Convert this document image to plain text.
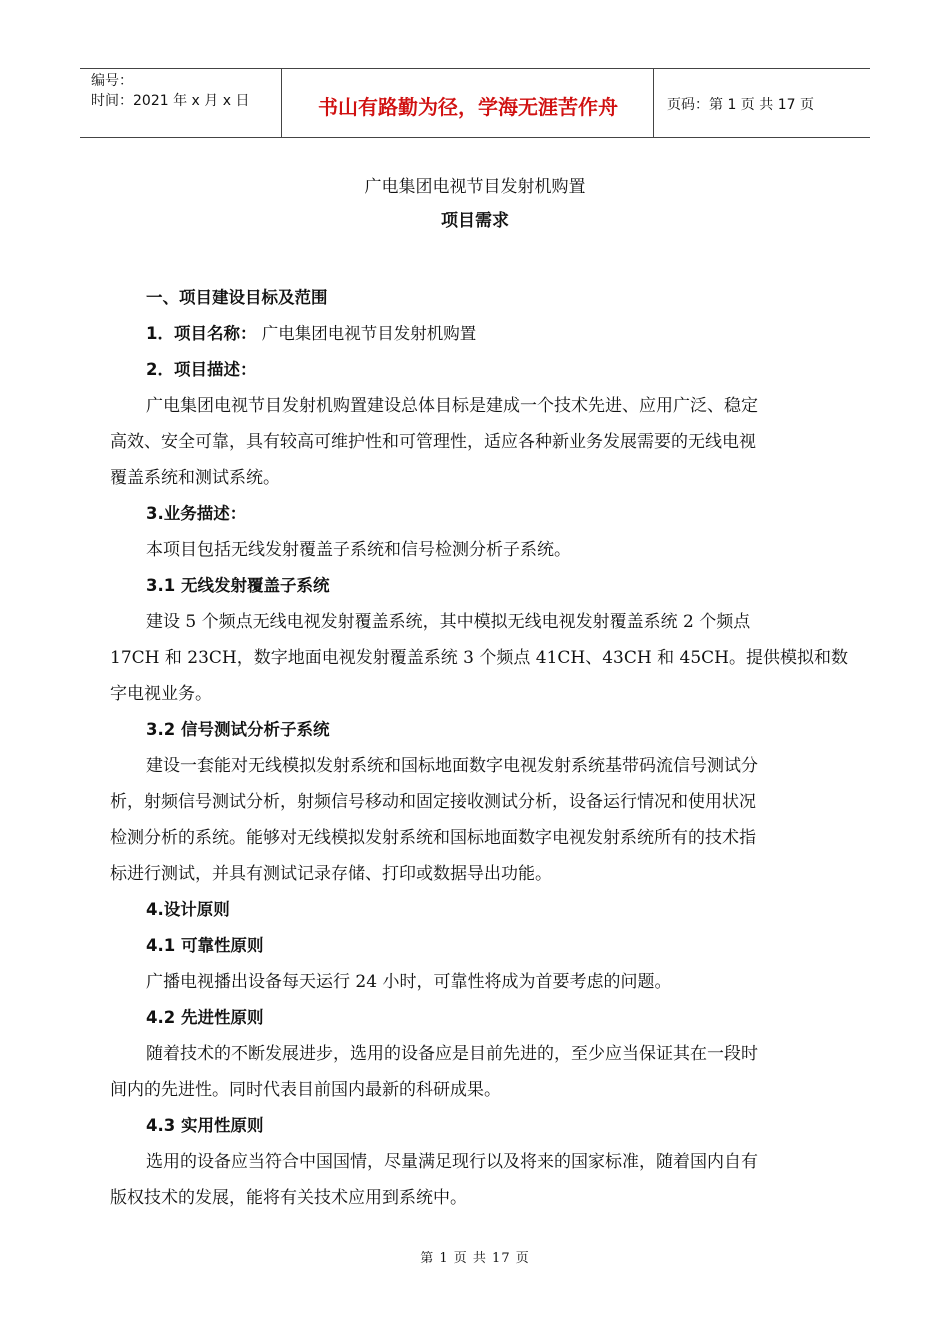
编号：
时间：2021 年 x 月 x 日	书山有路勤为径，学海无涯苦作舟	页码：第 1 页 共 17 页
广电集团电视节目发射机购置
项目需求
一、项目建设目标及范围
1．项目名称： 广电集团电视节目发射机购置
2．项目描述：
广电集团电视节目发射机购置建设总体目标是建成一个技术先进、应用广泛、稳定
高效、安全可靠，具有较高可维护性和可管理性，适应各种新业务发展需要的无线电视
覆盖系统和测试系统。
3.业务描述：
本项目包括无线发射覆盖子系统和信号检测分析子系统。
3.1 无线发射覆盖子系统
建设 5 个频点无线电视发射覆盖系统，其中模拟无线电视发射覆盖系统 2 个频点
17CH 和 23CH，数字地面电视发射覆盖系统 3 个频点 41CH、43CH 和 45CH。提供模拟和数
字电视业务。
3.2 信号测试分析子系统
建设一套能对无线模拟发射系统和国标地面数字电视发射系统基带码流信号测试分
析，射频信号测试分析，射频信号移动和固定接收测试分析，设备运行情况和使用状况
检测分析的系统。能够对无线模拟发射系统和国标地面数字电视发射系统所有的技术指
标进行测试，并具有测试记录存储、打印或数据导出功能。
4.设计原则
4.1 可靠性原则
广播电视播出设备每天运行 24 小时，可靠性将成为首要考虑的问题。
4.2 先进性原则
随着技术的不断发展进步，选用的设备应是目前先进的，至少应当保证其在一段时
间内的先进性。同时代表目前国内最新的科研成果。
4.3 实用性原则
选用的设备应当符合中国国情，尽量满足现行以及将来的国家标准，随着国内自有
版权技术的发展，能将有关技术应用到系统中。
第 1 页 共 17 页
